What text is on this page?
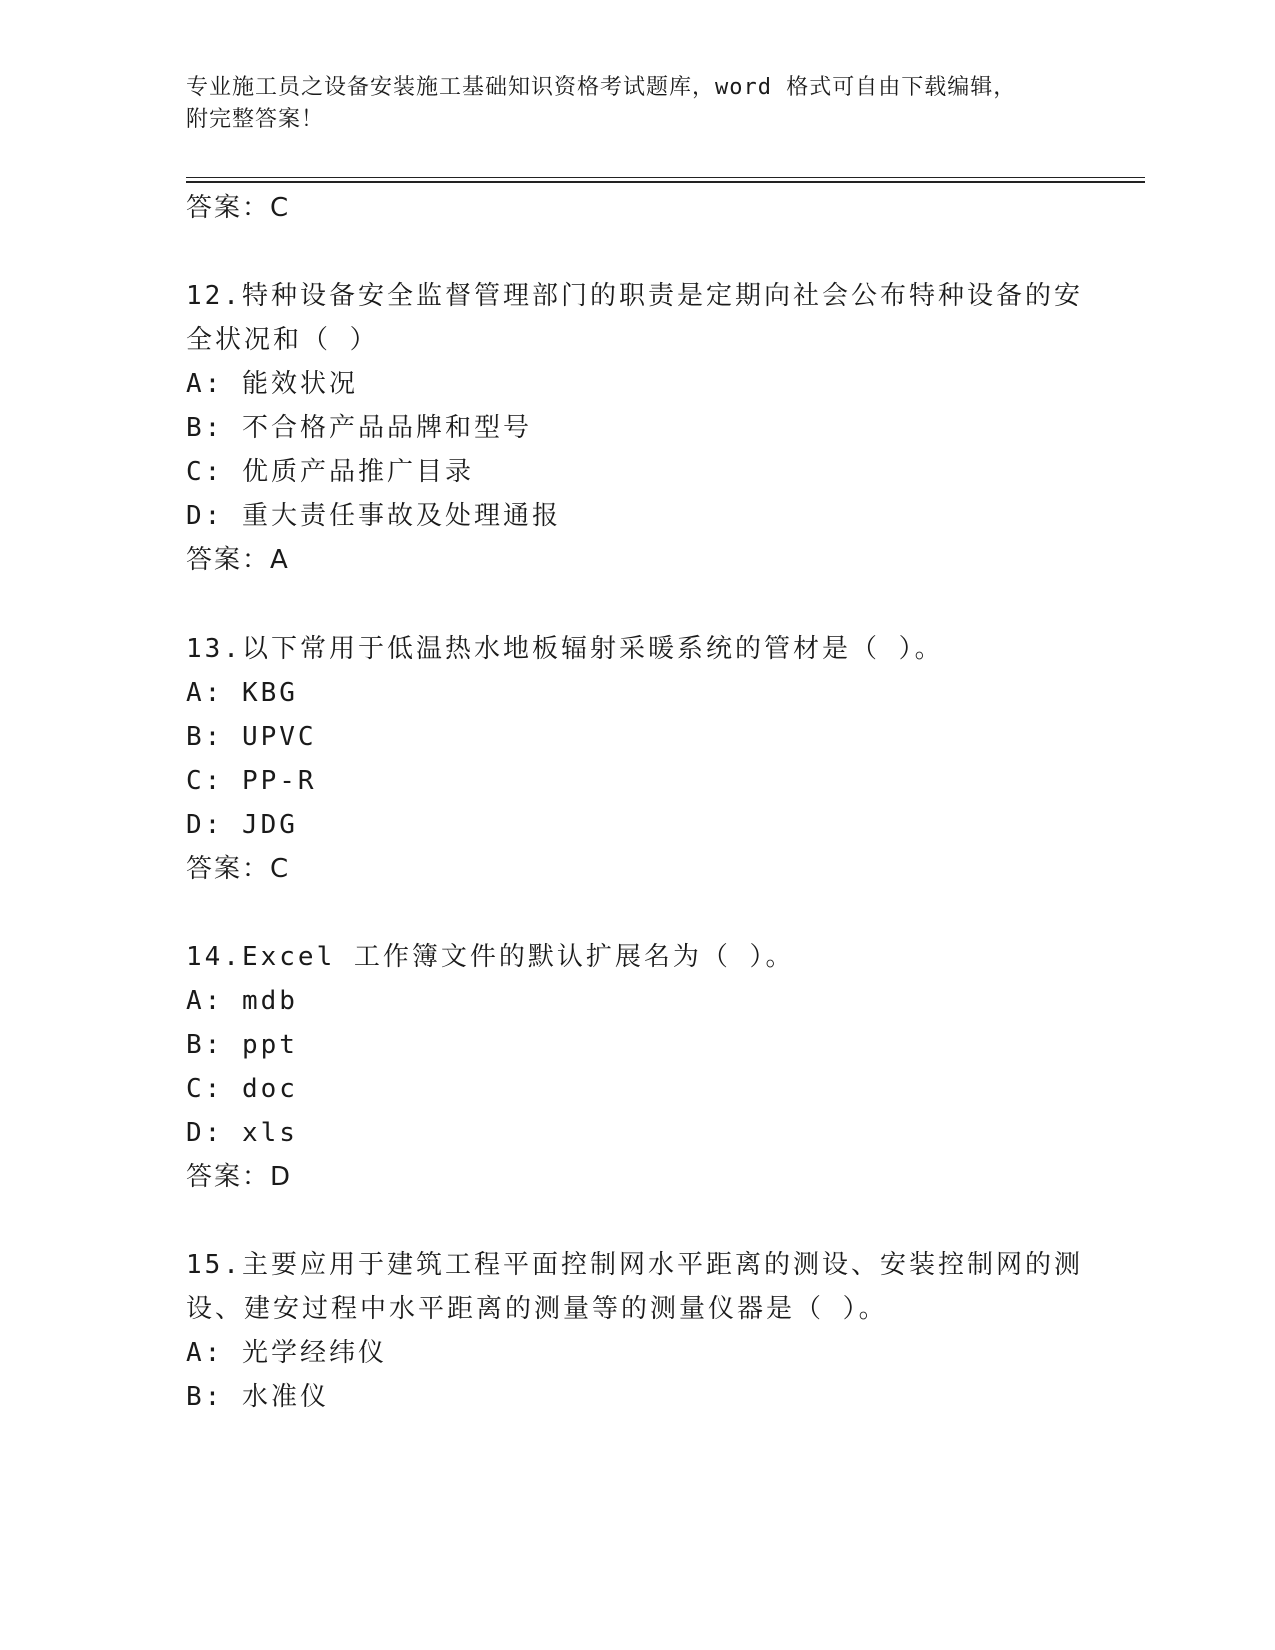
专业施工员之设备安装施工基础知识资格考试题库，word 格式可自由下载编辑，
附完整答案！
答案：C
12.特种设备安全监督管理部门的职责是定期向社会公布特种设备的安
全状况和（ ）
A: 能效状况
B: 不合格产品品牌和型号
C: 优质产品推广目录
D: 重大责任事故及处理通报
答案：A
13.以下常用于低温热水地板辐射采暖系统的管材是（ ）。
A: KBG
B: UPVC
C: PP-R
D: JDG
答案：C
14.Excel 工作簿文件的默认扩展名为（ ）。
A: mdb
B: ppt
C: doc
D: xls
答案：D
15.主要应用于建筑工程平面控制网水平距离的测设、安装控制网的测
设、建安过程中水平距离的测量等的测量仪器是（ ）。
A: 光学经纬仪
B: 水准仪
